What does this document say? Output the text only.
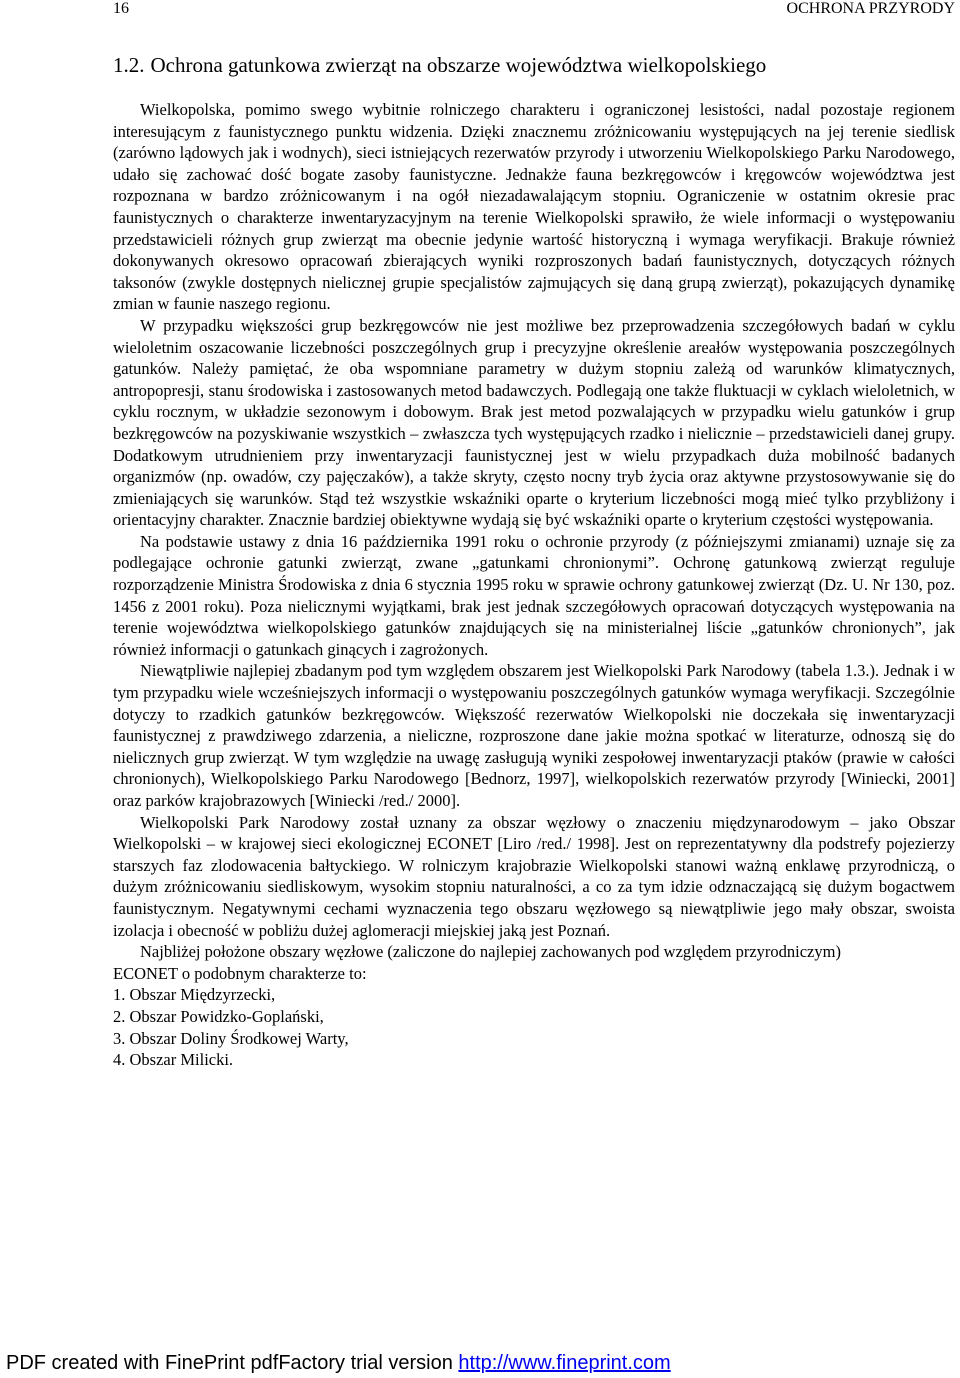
16	OCHRONA PRZYRODY
1.2. Ochrona gatunkowa zwierząt na obszarze województwa wielkopolskiego

Wielkopolska, pomimo swego wybitnie rolniczego charakteru i ograniczonej lesistości, nadal pozostaje regionem interesującym z faunistycznego punktu widzenia. Dzięki znacznemu zróżnicowaniu występujących na jej terenie siedlisk (zarówno lądowych jak i wodnych), sieci istniejących rezerwatów przyrody i utworzeniu Wielkopolskiego Parku Narodowego, udało się zachować dość bogate zasoby faunistyczne. Jednakże fauna bezkręgowców i kręgowców województwa jest rozpoznana w bardzo zróżnicowanym i na ogół niezadawalającym stopniu. Ograniczenie w ostatnim okresie prac faunistycznych o charakterze inwentaryzacyjnym na terenie Wielkopolski sprawiło, że wiele informacji o występowaniu przedstawicieli różnych grup zwierząt ma obecnie jedynie wartość historyczną i wymaga weryfikacji. Brakuje również dokonywanych okresowo opracowań zbierających wyniki rozproszonych badań faunistycznych, dotyczących różnych taksonów (zwykle dostępnych nielicznej grupie specjalistów zajmujących się daną grupą zwierząt), pokazujących dynamikę zmian w faunie naszego regionu.

W przypadku większości grup bezkręgowców nie jest możliwe bez przeprowadzenia szczegółowych badań w cyklu wieloletnim oszacowanie liczebności poszczególnych grup i precyzyjne określenie areałów występowania poszczególnych gatunków. Należy pamiętać, że oba wspomniane parametry w dużym stopniu zależą od warunków klimatycznych, antropopresji, stanu środowiska i zastosowanych metod badawczych. Podlegają one także fluktuacji w cyklach wieloletnich, w cyklu rocznym, w układzie sezonowym i dobowym. Brak jest metod pozwalających w przypadku wielu gatunków i grup bezkręgowców na pozyskiwanie wszystkich – zwłaszcza tych występujących rzadko i nielicznie – przedstawicieli danej grupy. Dodatkowym utrudnieniem przy inwentaryzacji faunistycznej jest w wielu przypadkach duża mobilność badanych organizmów (np. owadów, czy pajęczaków), a także skryty, często nocny tryb życia oraz aktywne przystosowywanie się do zmieniających się warunków. Stąd też wszystkie wskaźniki oparte o kryterium liczebności mogą mieć tylko przybliżony i orientacyjny charakter. Znacznie bardziej obiektywne wydają się być wskaźniki oparte o kryterium częstości występowania.

Na podstawie ustawy z dnia 16 października 1991 roku o ochronie przyrody (z późniejszymi zmianami) uznaje się za podlegające ochronie gatunki zwierząt, zwane „gatunkami chronionymi”. Ochronę gatunkową zwierząt reguluje rozporządzenie Ministra Środowiska z dnia 6 stycznia 1995 roku w sprawie ochrony gatunkowej zwierząt (Dz. U. Nr 130, poz. 1456 z 2001 roku). Poza nielicznymi wyjątkami, brak jest jednak szczegółowych opracowań dotyczących występowania na terenie województwa wielkopolskiego gatunków znajdujących się na ministerialnej liście „gatunków chronionych”, jak również informacji o gatunkach ginących i zagrożonych.

Niewątpliwie najlepiej zbadanym pod tym względem obszarem jest Wielkopolski Park Narodowy (tabela 1.3.). Jednak i w tym przypadku wiele wcześniejszych informacji o występowaniu poszczególnych gatunków wymaga weryfikacji. Szczególnie dotyczy to rzadkich gatunków bezkręgowców. Większość rezerwatów Wielkopolski nie doczekała się inwentaryzacji faunistycznej z prawdziwego zdarzenia, a nieliczne, rozproszone dane jakie można spotkać w literaturze, odnoszą się do nielicznych grup zwierząt. W tym względzie na uwagę zasługują wyniki zespołowej inwentaryzacji ptaków (prawie w całości chronionych), Wielkopolskiego Parku Narodowego [Bednorz, 1997], wielkopolskich rezerwatów przyrody [Winiecki, 2001] oraz parków krajobrazowych [Winiecki /red./ 2000].

Wielkopolski Park Narodowy został uznany za obszar węzłowy o znaczeniu międzynarodowym – jako Obszar Wielkopolski – w krajowej sieci ekologicznej ECONET [Liro /red./ 1998]. Jest on reprezentatywny dla podstrefy pojezierzy starszych faz zlodowacenia bałtyckiego. W rolniczym krajobrazie Wielkopolski stanowi ważną enklawę przyrodniczą, o dużym zróżnicowaniu siedliskowym, wysokim stopniu naturalności, a co za tym idzie odznaczającą się dużym bogactwem faunistycznym. Negatywnymi cechami wyznaczenia tego obszaru węzłowego są niewątpliwie jego mały obszar, swoista izolacja i obecność w pobliżu dużej aglomeracji miejskiej jaką jest Poznań.

Najbliżej położone obszary węzłowe (zaliczone do najlepiej zachowanych pod względem przyrodniczym)

ECONET o podobnym charakterze to:

1. Obszar Międzyrzecki,
2. Obszar Powidzko-Goplański,
3. Obszar Doliny Środkowej Warty,
4. Obszar Milicki.
PDF created with FinePrint pdfFactory trial version http://www.fineprint.com
